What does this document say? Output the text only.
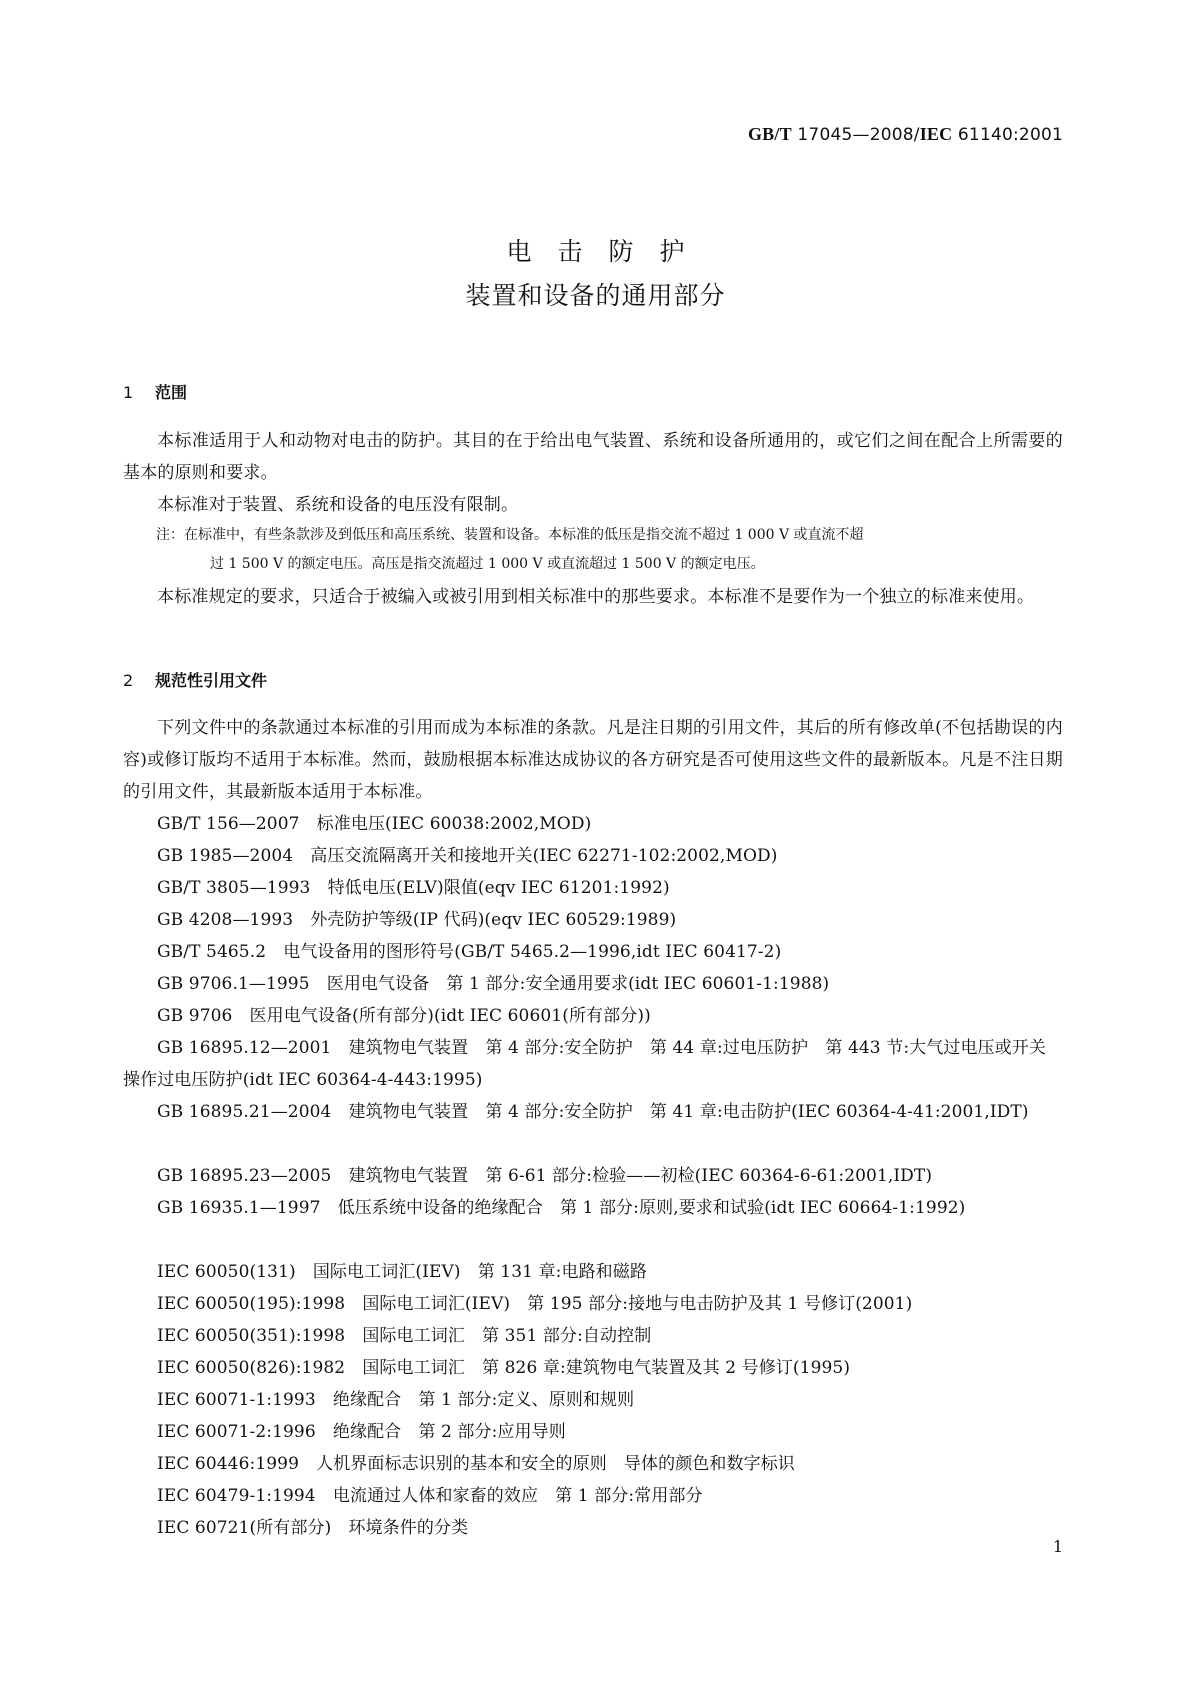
GB/T 17045—2008/IEC 61140:2001
电击防护
装置和设备的通用部分
1 范围
本标准适用于人和动物对电击的防护。其目的在于给出电气装置、系统和设备所通用的，或它们之间在配合上所需要的基本的原则和要求。
本标准对于装置、系统和设备的电压没有限制。
注：在标准中，有些条款涉及到低压和高压系统、装置和设备。本标准的低压是指交流不超过 1 000 V 或直流不超
过 1 500 V 的额定电压。高压是指交流超过 1 000 V 或直流超过 1 500 V 的额定电压。
本标准规定的要求，只适合于被编入或被引用到相关标准中的那些要求。本标准不是要作为一个独立的标准来使用。
2 规范性引用文件
下列文件中的条款通过本标准的引用而成为本标准的条款。凡是注日期的引用文件，其后的所有修改单(不包括勘误的内容)或修订版均不适用于本标准。然而，鼓励根据本标准达成协议的各方研究是否可使用这些文件的最新版本。凡是不注日期的引用文件，其最新版本适用于本标准。
GB/T 156—2007　标准电压(IEC 60038:2002,MOD)
GB 1985—2004　高压交流隔离开关和接地开关(IEC 62271-102:2002,MOD)
GB/T 3805—1993　特低电压(ELV)限值(eqv IEC 61201:1992)
GB 4208—1993　外壳防护等级(IP 代码)(eqv IEC 60529:1989)
GB/T 5465.2　电气设备用的图形符号(GB/T 5465.2—1996,idt IEC 60417-2)
GB 9706.1—1995　医用电气设备　第 1 部分:安全通用要求(idt IEC 60601-1:1988)
GB 9706　医用电气设备(所有部分)(idt IEC 60601(所有部分))
GB 16895.12—2001　建筑物电气装置　第 4 部分:安全防护　第 44 章:过电压防护　第 443 节:大气过电压或开关操作过电压防护(idt IEC 60364-4-443:1995)
GB 16895.21—2004　建筑物电气装置　第 4 部分:安全防护　第 41 章:电击防护(IEC 60364-4-41:2001,IDT)
GB 16895.23—2005　建筑物电气装置　第 6-61 部分:检验——初检(IEC 60364-6-61:2001,IDT)
GB 16935.1—1997　低压系统中设备的绝缘配合　第 1 部分:原则,要求和试验(idt IEC 60664-1:1992)
IEC 60050(131)　国际电工词汇(IEV)　第 131 章:电路和磁路
IEC 60050(195):1998　国际电工词汇(IEV)　第 195 部分:接地与电击防护及其 1 号修订(2001)
IEC 60050(351):1998　国际电工词汇　第 351 部分:自动控制
IEC 60050(826):1982　国际电工词汇　第 826 章:建筑物电气装置及其 2 号修订(1995)
IEC 60071-1:1993　绝缘配合　第 1 部分:定义、原则和规则
IEC 60071-2:1996　绝缘配合　第 2 部分:应用导则
IEC 60446:1999　人机界面标志识别的基本和安全的原则　导体的颜色和数字标识
IEC 60479-1:1994　电流通过人体和家畜的效应　第 1 部分:常用部分
IEC 60721(所有部分)　环境条件的分类
1
